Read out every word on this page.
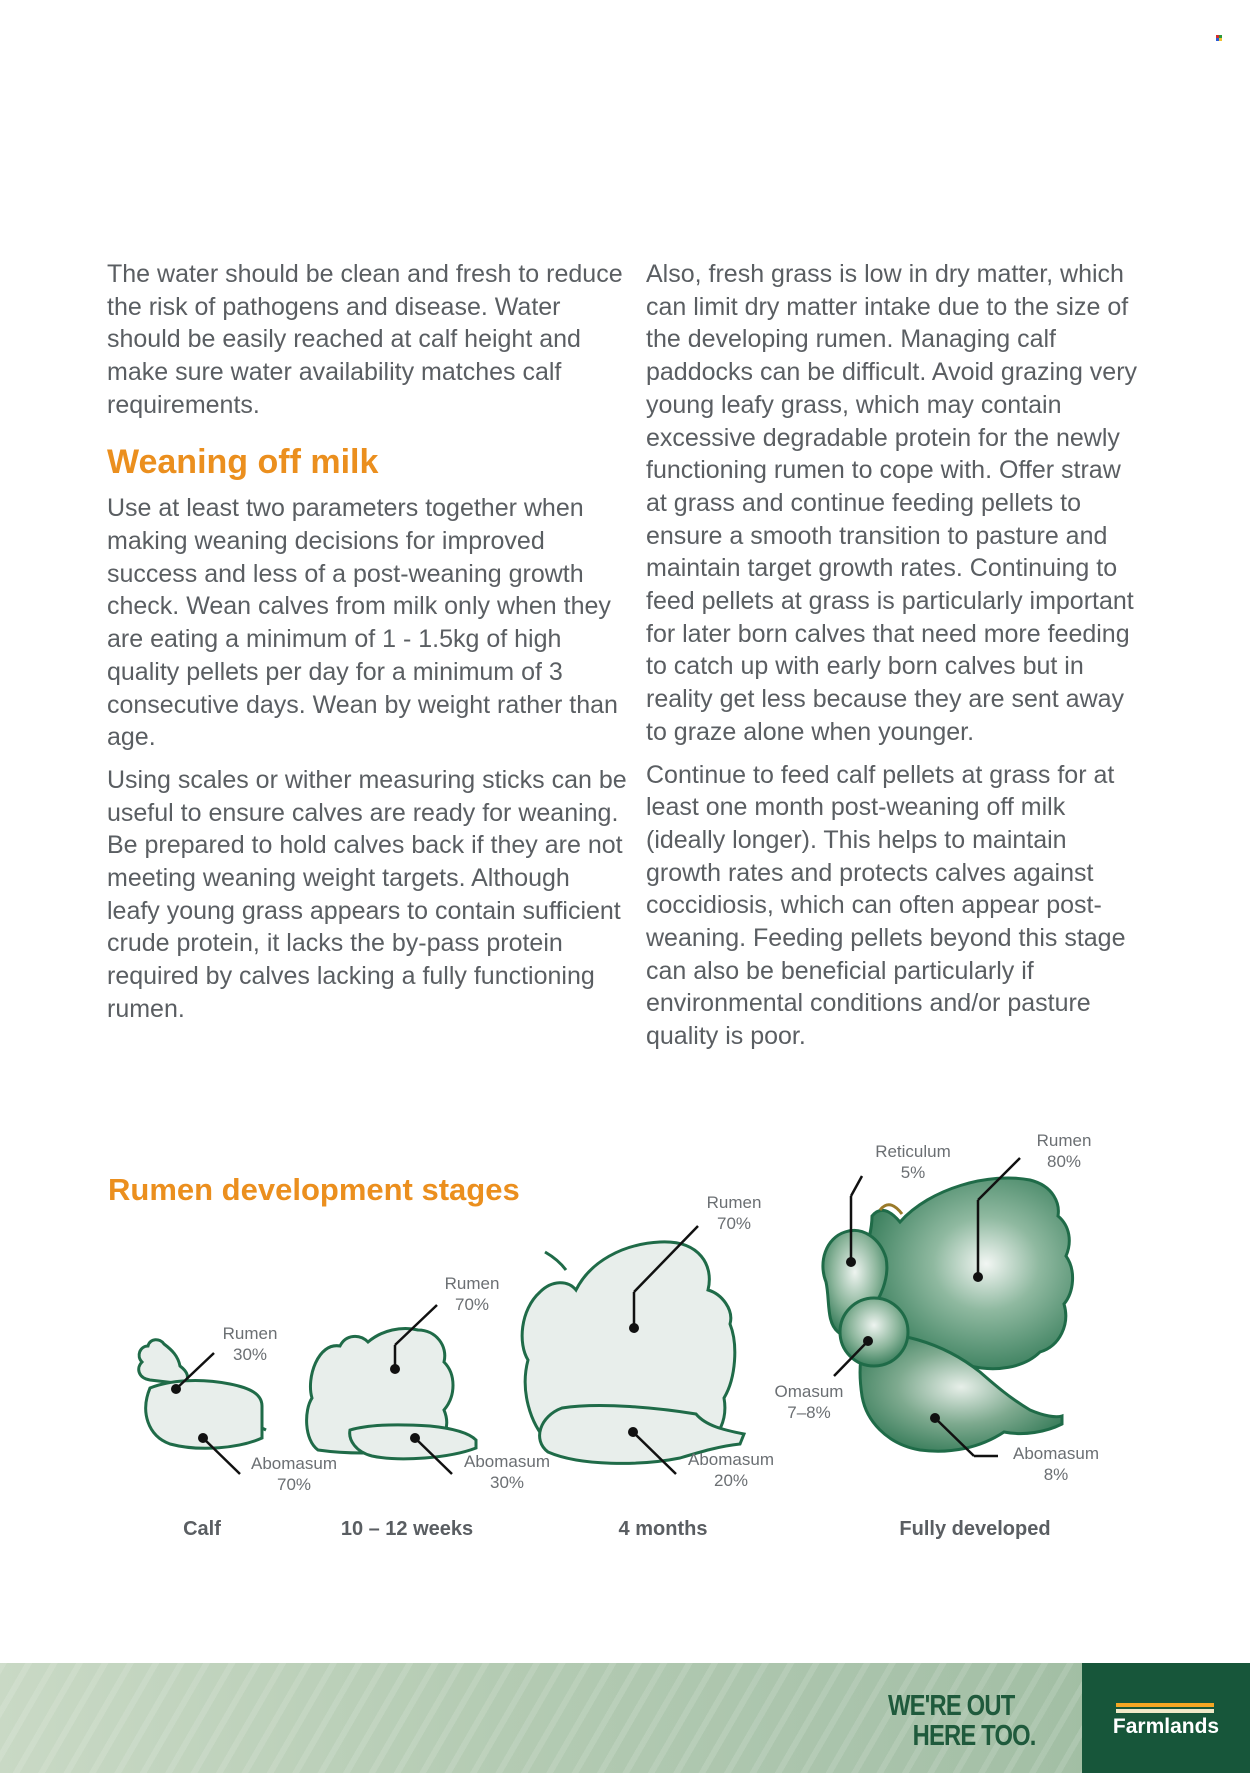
The water should be clean and fresh to reduce the risk of pathogens and disease. Water should be easily reached at calf height and make sure water availability matches calf requirements.

Weaning off milk

Use at least two parameters together when making weaning decisions for improved success and less of a post-weaning growth check. Wean calves from milk only when they are eating a minimum of 1 - 1.5kg of high quality pellets per day for a minimum of 3 consecutive days. Wean by weight rather than age.

Using scales or wither measuring sticks can be useful to ensure calves are ready for weaning. Be prepared to hold calves back if they are not meeting weaning weight targets. Although leafy young grass appears to contain sufficient crude protein, it lacks the by-pass protein required by calves lacking a fully functioning rumen.

Also, fresh grass is low in dry matter, which can limit dry matter intake due to the size of the developing rumen. Managing calf paddocks can be difficult. Avoid grazing very young leafy grass, which may contain excessive degradable protein for the newly functioning rumen to cope with. Offer straw at grass and continue feeding pellets to ensure a smooth transition to pasture and maintain target growth rates. Continuing to feed pellets at grass is particularly important for later born calves that need more feeding to catch up with early born calves but in reality get less because they are sent away to graze alone when younger.

Continue to feed calf pellets at grass for at least one month post-weaning off milk (ideally longer). This helps to maintain growth rates and protects calves against coccidiosis, which can often appear post-weaning. Feeding pellets beyond this stage can also be beneficial particularly if environmental conditions and/or pasture quality is poor.

Rumen development stages
Rumen
30%
Abomasum
70%
Calf
Rumen
70%
Abomasum
30%
10 – 12 weeks
Rumen
70%
Abomasum
20%
4 months
Reticulum
5%
Rumen
80%
Omasum
7–8%
Abomasum
8%
Fully developed
WE'RE OUT
HERE TOO.	Farmlands
